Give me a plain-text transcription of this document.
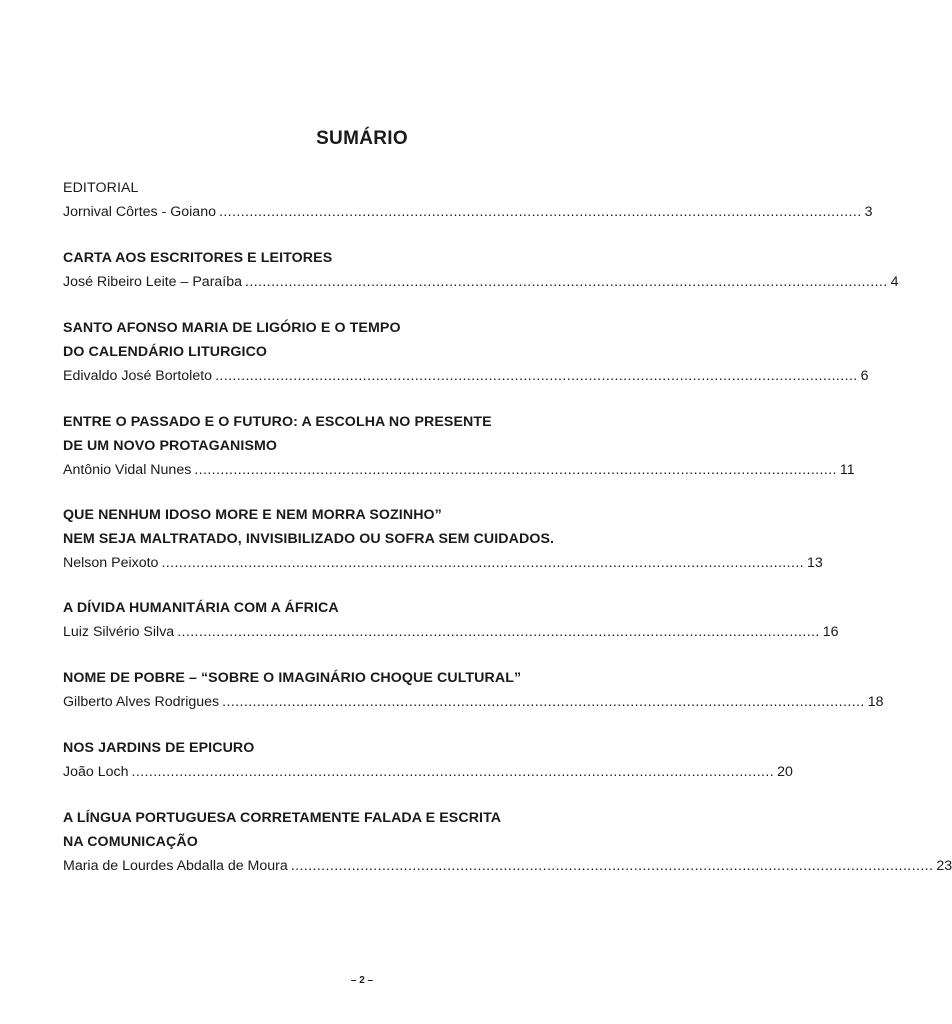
SUMÁRIO
EDITORIAL
Jornival Côrtes - Goiano .................................................................................................................................................... 3
CARTA AOS ESCRITORES E LEITORES
José Ribeiro Leite – Paraíba .................................................................................................................................................... 4
SANTO AFONSO MARIA DE LIGÓRIO E O TEMPO
DO CALENDÁRIO LITURGICO
Edivaldo José Bortoleto .................................................................................................................................................... 6
ENTRE O PASSADO E O FUTURO: A ESCOLHA NO PRESENTE
DE UM NOVO PROTAGANISMO
Antônio Vidal Nunes .................................................................................................................................................... 11
QUE NENHUM IDOSO MORE E NEM MORRA SOZINHO”
NEM SEJA MALTRATADO, INVISIBILIZADO OU SOFRA SEM CUIDADOS.
Nelson Peixoto .................................................................................................................................................... 13
A DÍVIDA HUMANITÁRIA COM A ÁFRICA
Luiz Silvério Silva .................................................................................................................................................... 16
NOME DE POBRE – “SOBRE O IMAGINÁRIO CHOQUE CULTURAL”
Gilberto Alves Rodrigues .................................................................................................................................................... 18
NOS JARDINS DE EPICURO
João Loch .................................................................................................................................................... 20
A LÍNGUA PORTUGUESA CORRETAMENTE FALADA E ESCRITA
NA COMUNICAÇÃO
Maria de Lourdes Abdalla de Moura .................................................................................................................................................... 23
– 2 –
